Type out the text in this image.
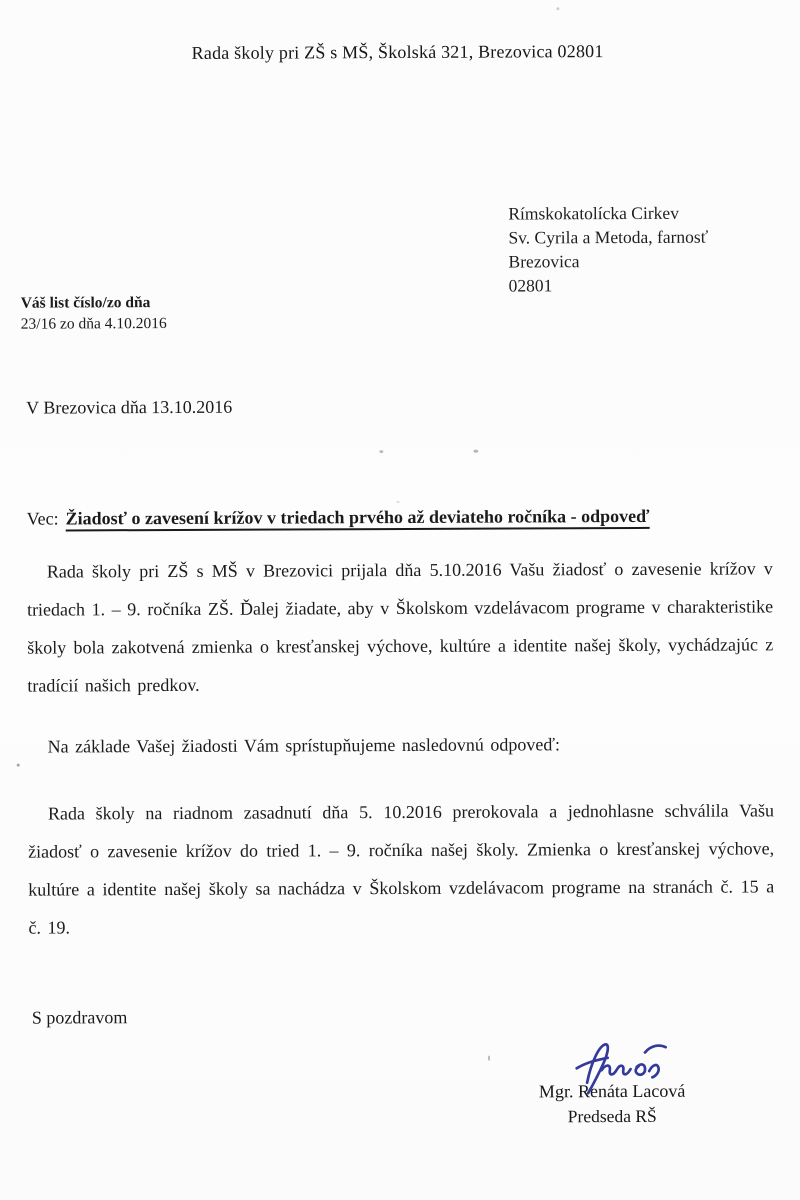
Rada školy pri ZŠ s MŠ, Školská 321, Brezovica 02801
Rímskokatolícka Cirkev
Sv. Cyrila a Metoda, farnosť
Brezovica
02801
Váš list číslo/zo dňa
23/16 zo dňa 4.10.2016
V Brezovica dňa 13.10.2016
Vec: Žiadosť o zavesení krížov v triedach prvého až deviateho ročníka - odpoveď

Rada školy pri ZŠ s MŠ v Brezovici prijala dňa 5.10.2016 Vašu žiadosť o zavesenie krížov v triedach 1. – 9. ročníka ZŠ. Ďalej žiadate, aby v Školskom vzdelávacom programe v charakteristike školy bola zakotvená zmienka o kresťanskej výchove, kultúre a identite našej školy, vychádzajúc z tradícií našich predkov.

Na základe Vašej žiadosti Vám sprístupňujeme nasledovnú odpoveď:

Rada školy na riadnom zasadnutí dňa 5. 10.2016 prerokovala a jednohlasne schválila Vašu žiadosť o zavesenie krížov do tried 1. – 9. ročníka našej školy. Zmienka o kresťanskej výchove, kultúre a identite našej školy sa nachádza v Školskom vzdelávacom programe na stranách č. 15 a č. 19.

S pozdravom
Mgr. Renáta Lacová
Predseda RŠ
